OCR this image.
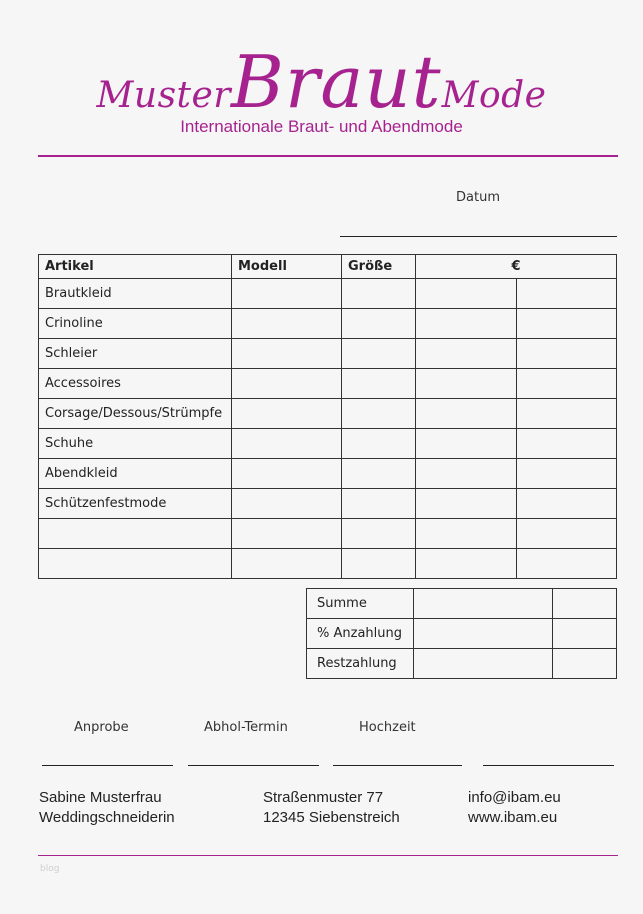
MusterBrautMode
Internationale Braut- und Abendmode
Datum
Artikel	Modell	Größe	€	
Brautkleid				
Crinoline				
Schleier				
Accessoires				
Corsage/Dessous/Strümpfe				
Schuhe				
Abendkleid				
Schützenfestmode				

Summe		
% Anzahlung		
Restzahlung		
Anprobe	Abhol-Termin	Hochzeit
Sabine Musterfrau
Weddingschneiderin
Straßenmuster 77
12345 Siebenstreich
info@ibam.eu
www.ibam.eu
blog
